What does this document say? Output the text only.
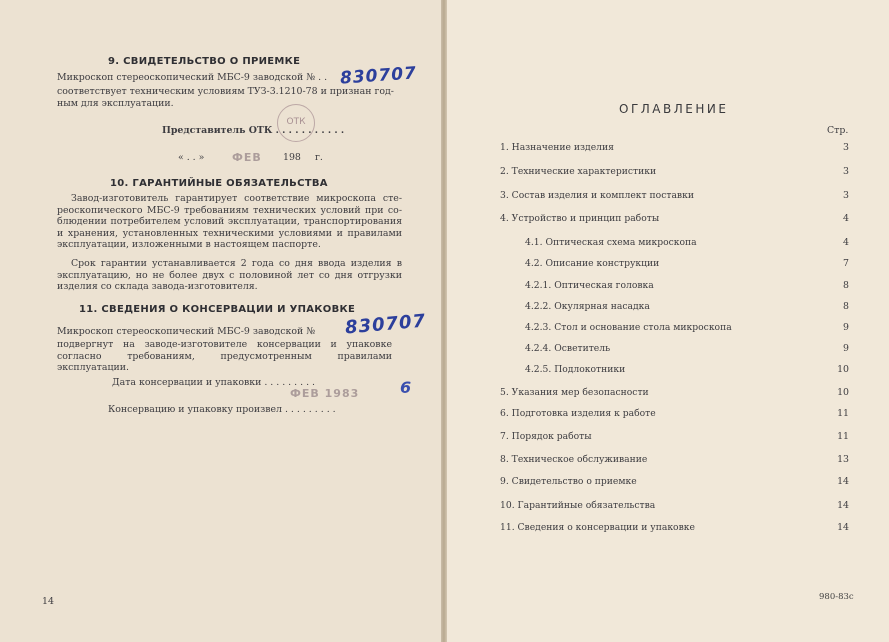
9. СВИДЕТЕЛЬСТВО О ПРИЕМКЕ
Микроскоп стереоскопический МБС-9 заводской № . . 830707
соответствует техническим условиям ТУЗ-3.1210-78 и признан год-
ным для эксплуатации.
Представитель ОТК . . . . . . . . . . .
ОТК
« . . »	ФЕВ 198 г.
10. ГАРАНТИЙНЫЕ ОБЯЗАТЕЛЬСТВА
Завод-изготовитель гарантирует соответствие микроскопа сте-реоскопического МБС-9 требованиям технических условий при со-блюдении потребителем условий эксплуатации, транспортирования и хранения, установленных техническими условиями и правилами эксплуатации, изложенными в настоящем паспорте.
Срок гарантии устанавливается 2 года со дня ввода изделия в эксплуатацию, но не более двух с половиной лет со дня отгрузки изделия со склада завода-изготовителя.
11. СВЕДЕНИЯ О КОНСЕРВАЦИИ И УПАКОВКЕ
Микроскоп стереоскопический МБС-9 заводской № 830707
подвергнут на заводе-изготовителе консервации и упаковке согласно требованиям, предусмотренным правилами эксплуатации.
Дата консервации и упаковки . . . . . . . . .
ФЕВ 1983	6
Консервацию и упаковку произвел . . . . . . . . .
14
ОГЛАВЛЕНИЕ
Стр.
1. Назначение изделия	3
2. Технические характеристики	3
3. Состав изделия и комплект поставки	3
4. Устройство и принцип работы	4
4.1. Оптическая схема микроскопа	4
4.2. Описание конструкции	7
4.2.1. Оптическая головка	8
4.2.2. Окулярная насадка	8
4.2.3. Стол и основание стола микроскопа	9
4.2.4. Осветитель	9
4.2.5. Подлокотники	10
5. Указания мер безопасности	10
6. Подготовка изделия к работе	11
7. Порядок работы	11
8. Техническое обслуживание	13
9. Свидетельство о приемке	14
10. Гарантийные обязательства	14
11. Сведения о консервации и упаковке	14
980-83с
